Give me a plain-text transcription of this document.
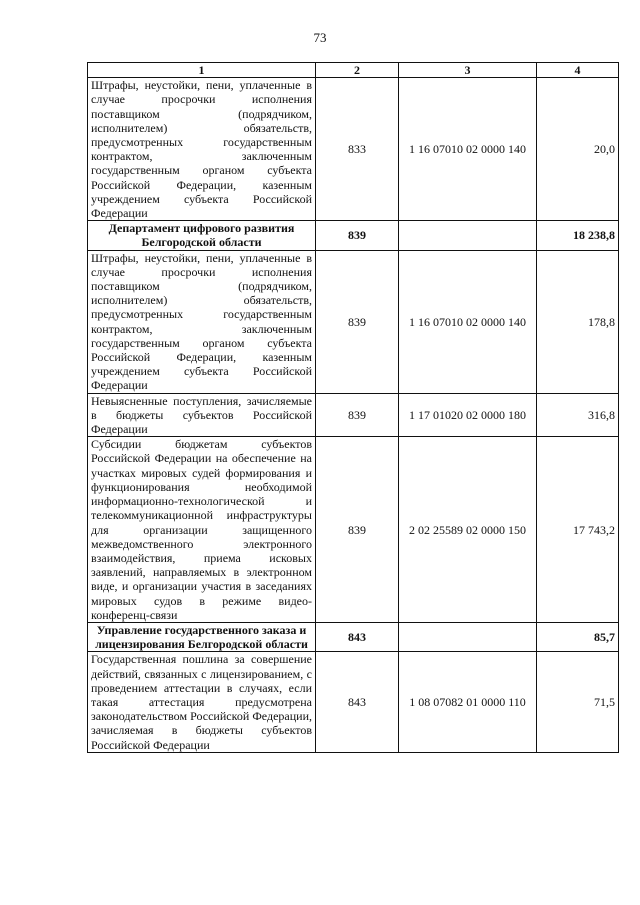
73
1	2	3	4
Штрафы, неустойки, пени, уплаченные в случае просрочки исполнения поставщиком (подрядчиком, исполнителем) обязательств, предусмотренных государственным контрактом, заключенным государственным органом субъекта Российской Федерации, казенным учреждением субъекта Российской Федерации	833	1 16 07010 02 0000 140	20,0
Департамент цифрового развития Белгородской области	839		18 238,8
Штрафы, неустойки, пени, уплаченные в случае просрочки исполнения поставщиком (подрядчиком, исполнителем) обязательств, предусмотренных государственным контрактом, заключенным государственным органом субъекта Российской Федерации, казенным учреждением субъекта Российской Федерации	839	1 16 07010 02 0000 140	178,8
Невыясненные поступления, зачисляемые в бюджеты субъектов Российской Федерации	839	1 17 01020 02 0000 180	316,8
Субсидии бюджетам субъектов Российской Федерации на обеспечение на участках мировых судей формирования и функционирования необходимой информационно-технологической и телекоммуникационной инфраструктуры для организации защищенного межведомственного электронного взаимодействия, приема исковых заявлений, направляемых в электронном виде, и организации участия в заседаниях мировых судов в режиме видео-конференц-связи	839	2 02 25589 02 0000 150	17 743,2
Управление государственного заказа и лицензирования Белгородской области	843		85,7
Государственная пошлина за совершение действий, связанных с лицензированием, с проведением аттестации в случаях, если такая аттестация предусмотрена законодательством Российской Федерации, зачисляемая в бюджеты субъектов Российской Федерации	843	1 08 07082 01 0000 110	71,5
